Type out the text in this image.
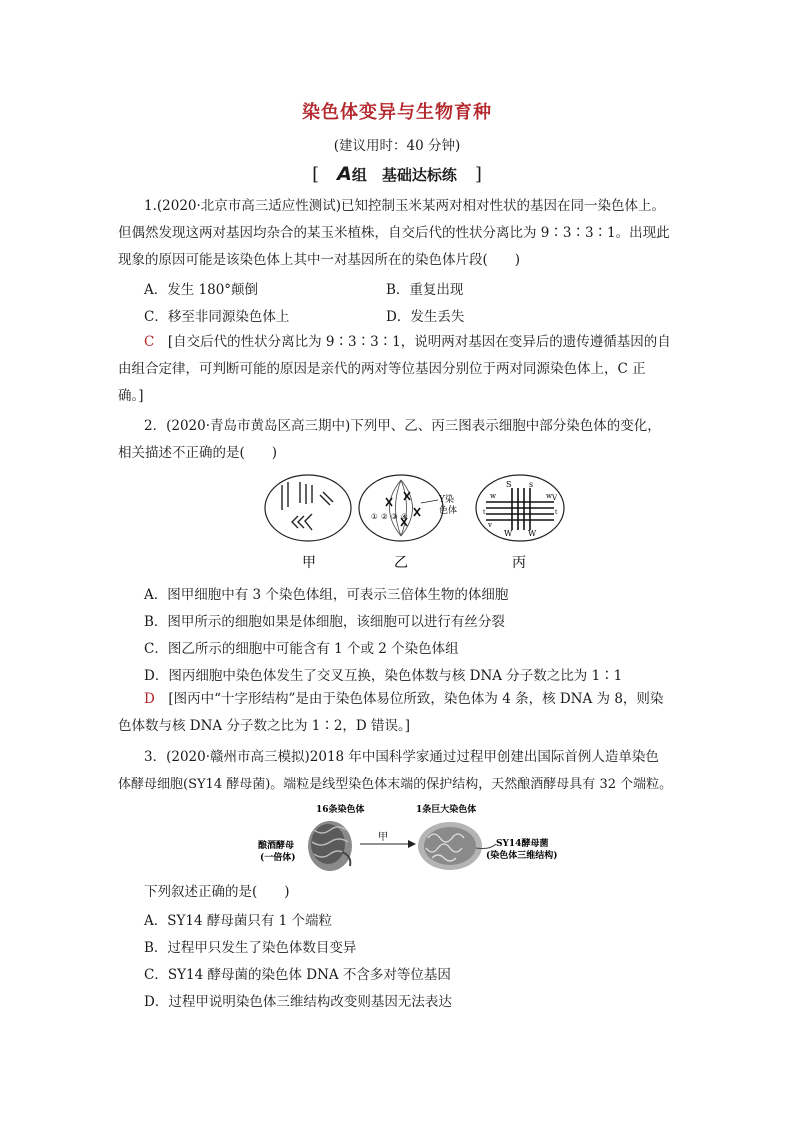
染色体变异与生物育种
(建议用时：40 分钟)
[　A组　基础达标练　]
1.(2020·北京市高三适应性测试)已知控制玉米某两对相对性状的基因在同一染色体上。
但偶然发现这两对基因均杂合的某玉米植株，自交后代的性状分离比为 9∶3∶3∶1。出现此
现象的原因可能是该染色体上其中一对基因所在的染色体片段(　　)
A．发生 180°颠倒	B．重复出现
C．移至非同源染色体上	D．发生丢失
C　 [自交后代的性状分离比为 9∶3∶3∶1，说明两对基因在变异后的遗传遵循基因的自
由组合定律，可判断可能的原因是亲代的两对等位基因分别位于两对同源染色体上，C 正
确。]
2．(2020·青岛市黄岛区高三期中)下列甲、乙、丙三图表示细胞中部分染色体的变化，
相关描述不正确的是(　　)
Y染
色体
① ② ③ ④
S s
w
W W
w V
v
t	t
甲	乙	丙
A．图甲细胞中有 3 个染色体组，可表示三倍体生物的体细胞
B．图甲所示的细胞如果是体细胞，该细胞可以进行有丝分裂
C．图乙所示的细胞中可能含有 1 个或 2 个染色体组
D．图丙细胞中染色体发生了交叉互换，染色体数与核 DNA 分子数之比为 1∶1
D　 [图丙中“十字形结构”是由于染色体易位所致，染色体为 4 条，核 DNA 为 8，则染
色体数与核 DNA 分子数之比为 1∶2，D 错误。]
3．(2020·赣州市高三模拟)2018 年中国科学家通过过程甲创建出国际首例人造单染色
体酵母细胞(SY14 酵母菌)。端粒是线型染色体末端的保护结构，天然酿酒酵母具有 32 个端粒。
16条染色体
酿酒酵母
(一倍体)
甲
1条巨大染色体
SY14酵母菌
(染色体三维结构)
下列叙述正确的是(　　)
A．SY14 酵母菌只有 1 个端粒
B．过程甲只发生了染色体数目变异
C．SY14 酵母菌的染色体 DNA 不含多对等位基因
D．过程甲说明染色体三维结构改变则基因无法表达
